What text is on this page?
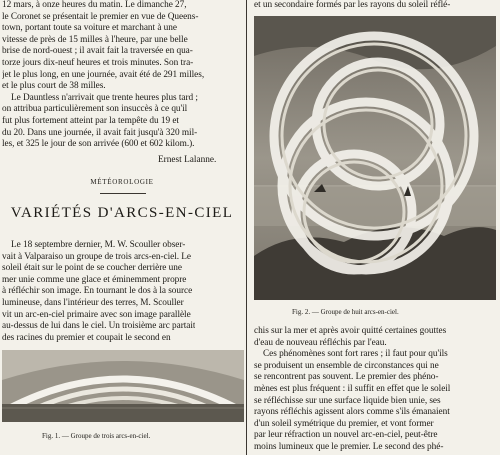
12 mars, à onze heures du matin. Le dimanche 27,
le Coronet se présentait le premier en vue de Queens-
town, portant toute sa voiture et marchant à une
vitesse de près de 15 milles à l'heure, par une belle
brise de nord-ouest ; il avait fait la traversée en qua-
torze jours dix-neuf heures et trois minutes. Son tra-
jet le plus long, en une journée, avait été de 291 milles,
et le plus court de 38 milles.
Le Dauntless n'arrivait que trente heures plus tard ;
on attribua particulièrement son insuccès à ce qu'il
fut plus fortement atteint par la tempête du 19 et
du 20. Dans une journée, il avait fait jusqu'à 320 mil-
les, et 325 le jour de son arrivée (600 et 602 kilom.).
Ernest Lalanne.
MÉTÉOROLOGIE
VARIÉTÉS D'ARCS-EN-CIEL
Le 18 septembre dernier, M. W. Scouller obser-
vait à Valparaiso un groupe de trois arcs-en-ciel. Le
soleil était sur le point de se coucher derrière une
mer unie comme une glace et éminemment propre
à réfléchir son image. En tournant le dos à la source
lumineuse, dans l'intérieur des terres, M. Scouller
vit un arc-en-ciel primaire avec son image parallèle
au-dessus de lui dans le ciel. Un troisième arc partait
des racines du premier et coupait le second en
Fig. 1. — Groupe de trois arcs-en-ciel.
et un secondaire formés par les rayons du soleil réflé-
Fig. 2. — Groupe de huit arcs-en-ciel.
chis sur la mer et après avoir quitté certaines gouttes
d'eau de nouveau réfléchis par l'eau.
Ces phénomènes sont fort rares ; il faut pour qu'ils
se produisent un ensemble de circonstances qui ne
se rencontrent pas souvent. Le premier des phéno-
mènes est plus fréquent : il suffit en effet que le soleil
se réfléchisse sur une surface liquide bien unie, ses
rayons réfléchis agissent alors comme s'ils émanaient
d'un soleil symétrique du premier, et vont former
par leur réfraction un nouvel arc-en-ciel, peut-être
moins lumineux que le premier. Le second des phé-
